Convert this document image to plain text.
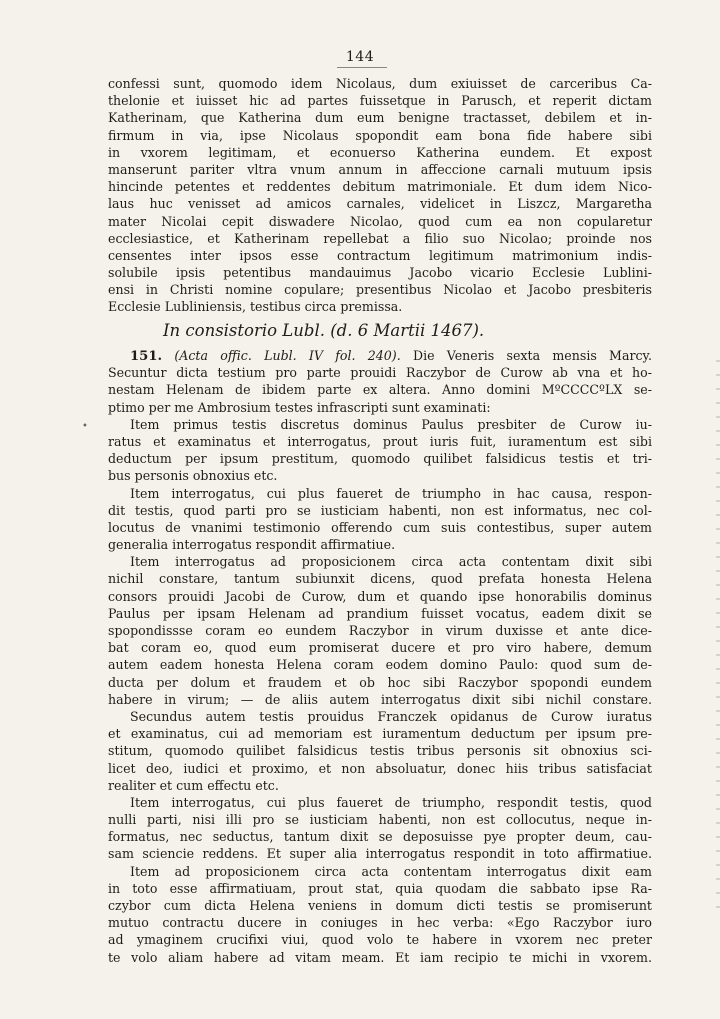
144
confessi sunt, quomodo idem Nicolaus, dum exiuisset de carceribus Ca-
thelonie et iuisset hic ad partes fuissetque in Parusch, et reperit dictam
Katherinam, que Katherina dum eum benigne tractasset, debilem et in-
firmum in via, ipse Nicolaus spopondit eam bona fide habere sibi
in vxorem legitimam, et econuerso Katherina eundem. Et expost
manserunt pariter vltra vnum annum in affeccione carnali mutuum ipsis
hincinde petentes et reddentes debitum matrimoniale. Et dum idem Nico-
laus huc venisset ad amicos carnales, videlicet in Liszcz, Margaretha
mater Nicolai cepit diswadere Nicolao, quod cum ea non copularetur
ecclesiastice, et Katherinam repellebat a filio suo Nicolao; proinde nos
censentes inter ipsos esse contractum legitimum matrimonium indis-
solubile ipsis petentibus mandauimus Jacobo vicario Ecclesie Lublini-
ensi in Christi nomine copulare; presentibus Nicolao et Jacobo presbiteris
Ecclesie Lubliniensis, testibus circa premissa.
In consistorio Lubl. (d. 6 Martii 1467).
•
151. (Acta offic. Lubl. IV fol. 240). Die Veneris sexta mensis Marcy.
Secuntur dicta testium pro parte prouidi Raczybor de Curow ab vna et ho-
nestam Helenam de ibidem parte ex altera. Anno domini MºCCCCºLX se-
ptimo per me Ambrosium testes infrascripti sunt examinati:
Item primus testis discretus dominus Paulus presbiter de Curow iu-
ratus et examinatus et interrogatus, prout iuris fuit, iuramentum est sibi
deductum per ipsum prestitum, quomodo quilibet falsidicus testis et tri-
bus personis obnoxius etc.
Item interrogatus, cui plus faueret de triumpho in hac causa, respon-
dit testis, quod parti pro se iusticiam habenti, non est informatus, nec col-
locutus de vnanimi testimonio offerendo cum suis contestibus, super autem
generalia interrogatus respondit affirmatiue.
Item interrogatus ad proposicionem circa acta contentam dixit sibi
nichil constare, tantum subiunxit dicens, quod prefata honesta Helena
consors prouidi Jacobi de Curow, dum et quando ipse honorabilis dominus
Paulus per ipsam Helenam ad prandium fuisset vocatus, eadem dixit se
spopondissse coram eo eundem Raczybor in virum duxisse et ante dice-
bat coram eo, quod eum promiserat ducere et pro viro habere, demum
autem eadem honesta Helena coram eodem domino Paulo: quod sum de-
ducta per dolum et fraudem et ob hoc sibi Raczybor spopondi eundem
habere in virum; — de aliis autem interrogatus dixit sibi nichil constare.
Secundus autem testis prouidus Franczek opidanus de Curow iuratus
et examinatus, cui ad memoriam est iuramentum deductum per ipsum pre-
stitum, quomodo quilibet falsidicus testis tribus personis sit obnoxius sci-
licet deo, iudici et proximo, et non absoluatur, donec hiis tribus satisfaciat
realiter et cum effectu etc.
Item interrogatus, cui plus faueret de triumpho, respondit testis, quod
nulli parti, nisi illi pro se iusticiam habenti, non est collocutus, neque in-
formatus, nec seductus, tantum dixit se deposuisse pye propter deum, cau-
sam sciencie reddens. Et super alia interrogatus respondit in toto affirmatiue.
Item ad proposicionem circa acta contentam interrogatus dixit eam
in toto esse affirmatiuam, prout stat, quia quodam die sabbato ipse Ra-
czybor cum dicta Helena veniens in domum dicti testis se promiserunt
mutuo contractu ducere in coniuges in hec verba: «Ego Raczybor iuro
ad ymaginem crucifixi viui, quod volo te habere in vxorem nec preter
te volo aliam habere ad vitam meam. Et iam recipio te michi in vxorem.
